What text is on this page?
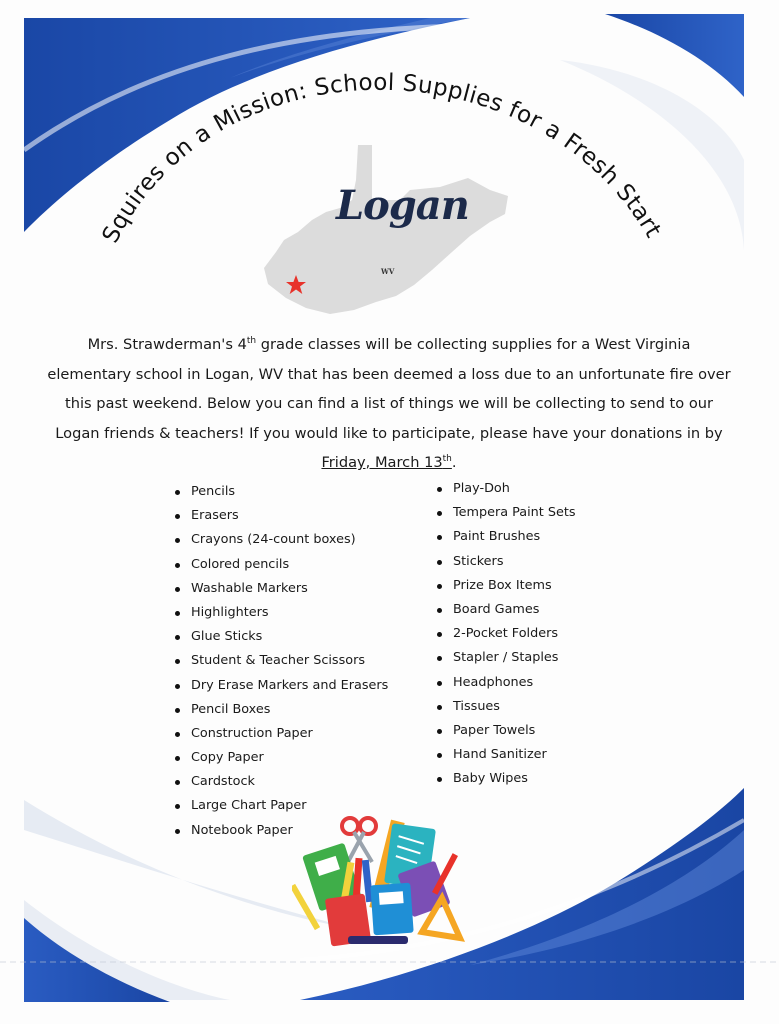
Squires on a Mission: School Supplies for a Fresh Start
Logan
WV
Mrs. Strawderman's 4th grade classes will be collecting supplies for a West Virginia elementary school in Logan, WV that has been deemed a loss due to an unfortunate fire over this past weekend. Below you can find a list of things we will be collecting to send to our Logan friends & teachers! If you would like to participate, please have your donations in by Friday, March 13th.
Pencils
Erasers
Crayons (24-count boxes)
Colored pencils
Washable Markers
Highlighters
Glue Sticks
Student & Teacher Scissors
Dry Erase Markers and Erasers
Pencil Boxes
Construction Paper
Copy Paper
Cardstock
Large Chart Paper
Notebook Paper
Play-Doh
Tempera Paint Sets
Paint Brushes
Stickers
Prize Box Items
Board Games
2-Pocket Folders
Stapler / Staples
Headphones
Tissues
Paper Towels
Hand Sanitizer
Baby Wipes
